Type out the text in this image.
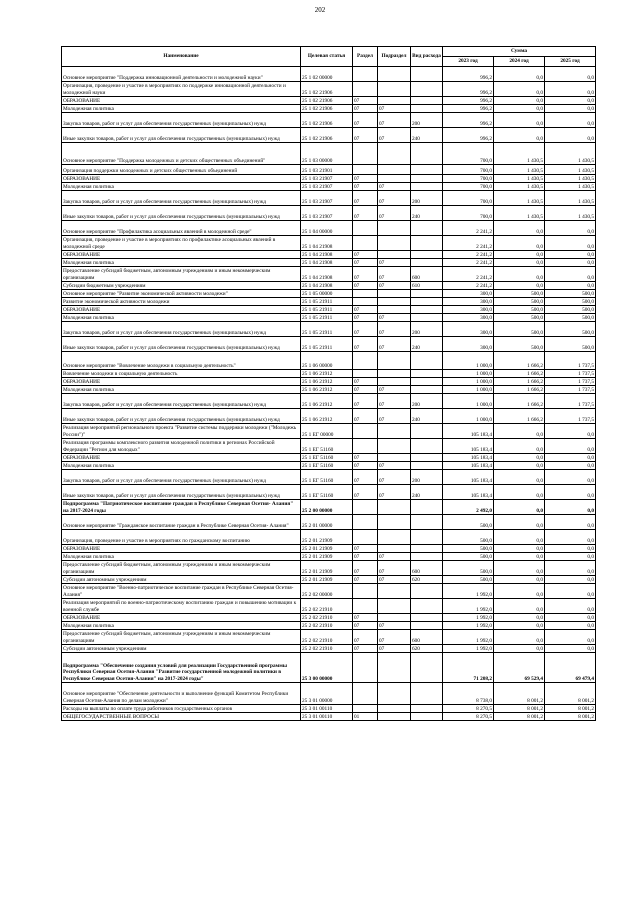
202
Наименование	Целевая статья	Раздел	Подраздел	Вид расхода	Сумма		
					2023 год	2024 год	2025 год
Основное мероприятие "Поддержка инновационной деятельности и молодежной науки"	25 1 02 00000				996,2	0,0	0,0
Организация, проведение и участие в мероприятиях по поддержке инновационной деятельности и молодежной науки	25 1 02 21906				996,2	0,0	0,0
ОБРАЗОВАНИЕ	25 1 02 21906	07			996,2	0,0	0,0
Молодежная политика	25 1 02 21906	07	07		996,2	0,0	0,0
Закупка товаров, работ и услуг для обеспечения государственных (муниципальных) нужд	25 1 02 21906	07	07	200	996,2	0,0	0,0
Иные закупки товаров, работ и услуг для обеспечения государственных (муниципальных) нужд	25 1 02 21906	07	07	240	996,2	0,0	0,0
Основное мероприятие "Поддержка молодежных и детских общественных объединений"	25 1 03 00000				700,0	1 430,5	1 430,5
Организация поддержки молодежных и детских общественных объединений	25 1 03 21901				700,0	1 430,5	1 430,5
ОБРАЗОВАНИЕ	25 1 03 21907	07			700,0	1 430,5	1 430,5
Молодежная политика	25 1 03 21907	07	07		700,0	1 430,5	1 430,5
Закупка товаров, работ и услуг для обеспечения государственных (муниципальных) нужд	25 1 03 21907	07	07	200	700,0	1 430,5	1 430,5
Иные закупки товаров, работ и услуг для обеспечения государственных (муниципальных) нужд	25 1 03 21907	07	07	240	700,0	1 430,5	1 430,5
Основное мероприятие "Профилактика асоциальных явлений в молодежной среде"	25 1 04 00000				2 241,2	0,0	0,0
Организация, проведение и участие в мероприятиях по профилактике асоциальных явлений в молодежной среде	25 1 04 21908				2 241,2	0,0	0,0
ОБРАЗОВАНИЕ	25 1 04 21908	07			2 241,2	0,0	0,0
Молодежная политика	25 1 04 21908	07	07		2 241,2	0,0	0,0
Предоставление субсидий бюджетным, автономным учреждениям и иным некоммерческим организациям	25 1 04 21908	07	07	600	2 241,2	0,0	0,0
Субсидии бюджетным учреждениям	25 1 04 21908	07	07	610	2 241,2	0,0	0,0
Основное мероприятие "Развитие экономической активности молодежи"	25 1 05 00000				300,0	500,0	500,0
Развитие экономической активности молодежи	25 1 05 21911				300,0	500,0	500,0
ОБРАЗОВАНИЕ	25 1 05 21911	07			300,0	500,0	500,0
Молодежная политика	25 1 05 21911	07	07		300,0	500,0	500,0
Закупка товаров, работ и услуг для обеспечения государственных (муниципальных) нужд	25 1 05 21911	07	07	200	300,0	500,0	500,0
Иные закупки товаров, работ и услуг для обеспечения государственных (муниципальных) нужд	25 1 05 21911	07	07	240	300,0	500,0	500,0
Основное мероприятие "Вовлечение молодежи в социальную деятельность"	25 1 06 00000				1 000,0	1 666,2	1 737,5
Вовлечение молодежи в социальную деятельность	25 1 06 21912				1 000,0	1 666,2	1 737,5
ОБРАЗОВАНИЕ	25 1 06 21912	07			1 000,0	1 666,2	1 737,5
Молодежная политика	25 1 06 21912	07	07		1 000,0	1 666,2	1 737,5
Закупка товаров, работ и услуг для обеспечения государственных (муниципальных) нужд	25 1 06 21912	07	07	200	1 000,0	1 666,2	1 737,5
Иные закупки товаров, работ и услуг для обеспечения государственных (муниципальных) нужд	25 1 06 21912	07	07	240	1 000,0	1 666,2	1 737,5
Реализация мероприятий регионального проекта "Развитие системы поддержки молодежи ("Молодежь России")"	25 1 ЕГ 00000				105 183,4	0,0	0,0
Реализация программы комплексного развития молодежной политики в регионах Российской Федерации "Регион для молодых"	25 1 ЕГ 51160				105 183,4	0,0	0,0
ОБРАЗОВАНИЕ	25 1 ЕГ 51160	07			105 183,4	0,0	0,0
Молодежная политика	25 1 ЕГ 51160	07	07		105 183,4	0,0	0,0
Закупка товаров, работ и услуг для обеспечения государственных (муниципальных) нужд	25 1 ЕГ 51160	07	07	200	105 183,4	0,0	0,0
Иные закупки товаров, работ и услуг для обеспечения государственных (муниципальных) нужд	25 1 ЕГ 51160	07	07	240	105 183,4	0,0	0,0
Подпрограмма "Патриотическое воспитание граждан в Республике Северная Осетия- Алания" на 2017-2024 годы	25 2 00 00000				2 492,0	0,0	0,0
Основное мероприятие "Гражданское воспитание граждан в Республике Северная Осетия- Алания"	25 2 01 00000				500,0	0,0	0,0
Организация, проведение и участие в мероприятиях по гражданскому воспитанию	25 2 01 21909				500,0	0,0	0,0
ОБРАЗОВАНИЕ	25 2 01 21909	07			500,0	0,0	0,0
Молодежная политика	25 2 01 21909	07	07		500,0	0,0	0,0
Предоставление субсидий бюджетным, автономным учреждениям и иным некоммерческим организациям	25 2 01 21909	07	07	600	500,0	0,0	0,0
Субсидии автономным учреждениям	25 2 01 21909	07	07	620	500,0	0,0	0,0
Основное мероприятие "Военно-патриотическое воспитание граждан в Республике Северная Осетия- Алания"	25 2 02 00000				1 992,0	0,0	0,0
Реализация мероприятий по военно-патриотическому воспитанию граждан и повышению мотивации к военной службе	25 2 02 21910				1 992,0	0,0	0,0
ОБРАЗОВАНИЕ	25 2 02 21910	07			1 992,0	0,0	0,0
Молодежная политика	25 2 02 21910	07	07		1 992,0	0,0	0,0
Предоставление субсидий бюджетным, автономным учреждениям и иным некоммерческим организациям	25 2 02 21910	07	07	600	1 992,0	0,0	0,0
Субсидии автономным учреждениям	25 2 02 21910	07	07	620	1 992,0	0,0	0,0
Подпрограмма "Обеспечение создания условий для реализации Государственной программы Республики Северная Осетия-Алания "Развитие государственной молодежной политики в Республике Северная Осетия-Алания" на 2017-2024 годы"	25 3 00 00000				71 208,2	69 529,4	69 479,4
Основное мероприятие "Обеспечение деятельности и выполнение функций Комитетом Республики Северная Осетия-Алания по делам молодежи"	25 3 01 00000				8 738,0	8 001,2	8 001,2
Расходы на выплаты по оплате труда работников государственных органов	25 3 01 00110				8 270,5	8 001,2	8 001,2
ОБЩЕГОСУДАРСТВЕННЫЕ ВОПРОСЫ	25 3 01 00110	01			8 270,5	8 001,2	8 001,2
